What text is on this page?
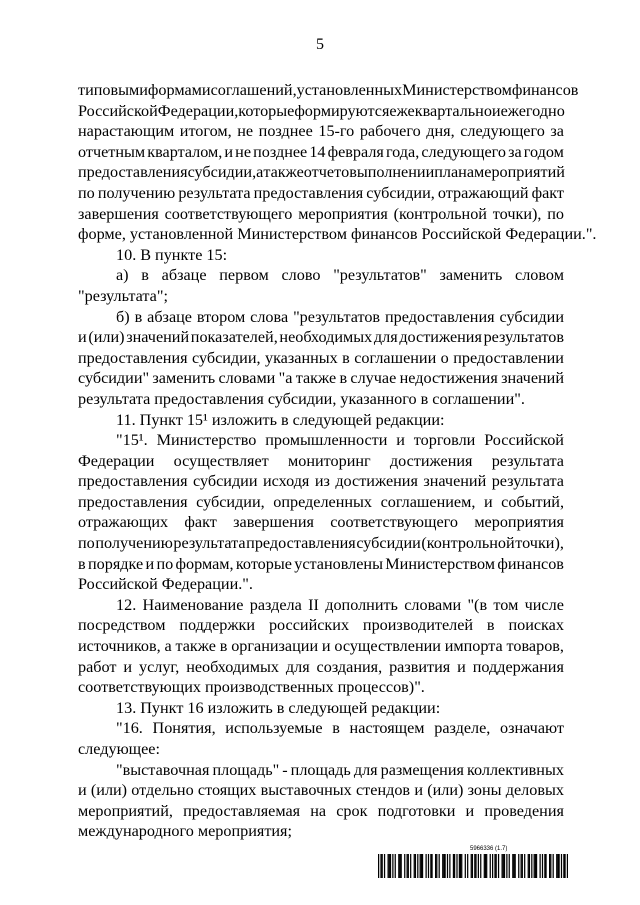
5
типовыми формами соглашений, установленных Министерством финансов
Российской Федерации, которые формируются ежеквартально и ежегодно
нарастающим итогом, не позднее 15-го рабочего дня, следующего за
отчетным кварталом, и не позднее 14 февраля года, следующего за годом
предоставления субсидии, а также отчет о выполнении плана мероприятий
по получению результата предоставления субсидии, отражающий факт
завершения соответствующего мероприятия (контрольной точки), по
форме, установленной Министерством финансов Российской Федерации.".
10. В пункте 15:
а) в абзаце первом слово "результатов" заменить словом
"результата";
б) в абзаце втором слова "результатов предоставления субсидии
и (или) значений показателей, необходимых для достижения результатов
предоставления субсидии, указанных в соглашении о предоставлении
субсидии" заменить словами "а также в случае недостижения значений
результата предоставления субсидии, указанного в соглашении".
11. Пункт 15¹ изложить в следующей редакции:
"15¹. Министерство промышленности и торговли Российской
Федерации осуществляет мониторинг достижения результата
предоставления субсидии исходя из достижения значений результата
предоставления субсидии, определенных соглашением, и событий,
отражающих факт завершения соответствующего мероприятия
по получению результата предоставления субсидии (контрольной точки),
в порядке и по формам, которые установлены Министерством финансов
Российской Федерации.".
12. Наименование раздела II дополнить словами "(в том числе
посредством поддержки российских производителей в поисках
источников, а также в организации и осуществлении импорта товаров,
работ и услуг, необходимых для создания, развития и поддержания
соответствующих производственных процессов)".
13. Пункт 16 изложить в следующей редакции:
"16. Понятия, используемые в настоящем разделе, означают
следующее:
"выставочная площадь" - площадь для размещения коллективных
и (или) отдельно стоящих выставочных стендов и (или) зоны деловых
мероприятий, предоставляемая на срок подготовки и проведения
международного мероприятия;
5966336 (1.7)
